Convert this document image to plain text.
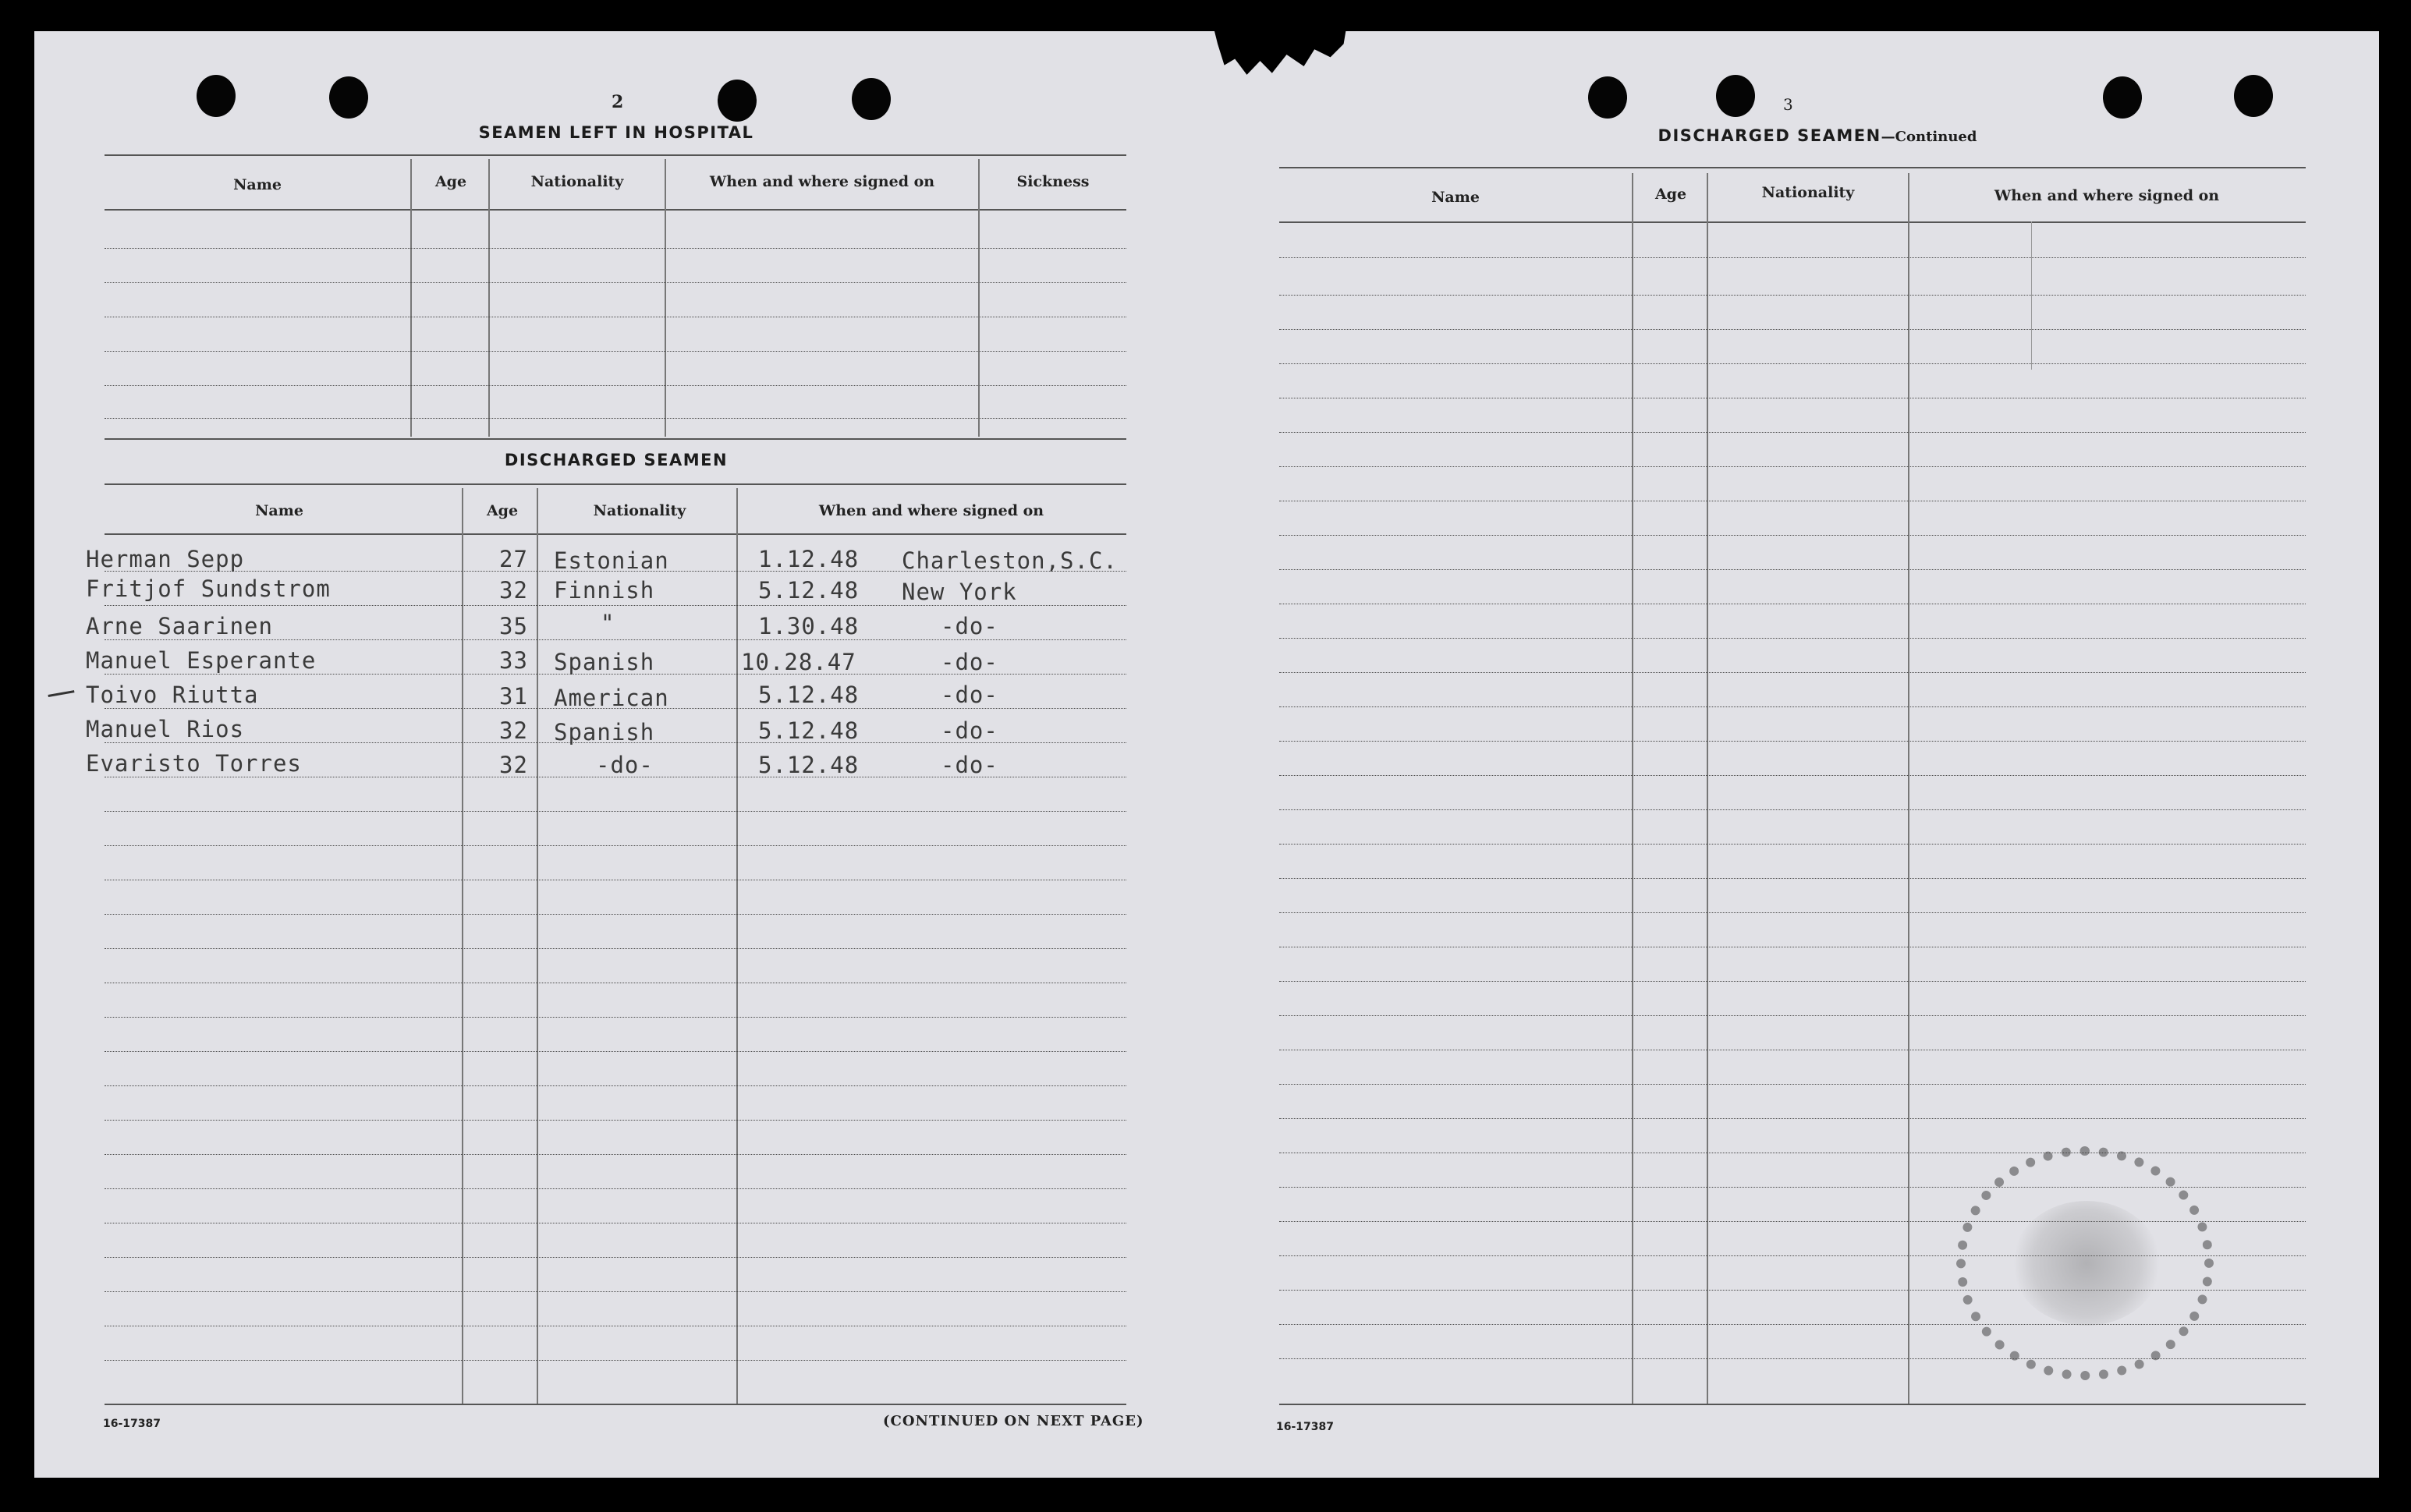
2
SEAMEN LEFT IN HOSPITAL
Name	Age	Nationality	When and where signed on	Sickness
DISCHARGED SEAMEN
Name	Age	Nationality	When and where signed on
Herman Sepp	27 Estonian	1.12.48 Charleston,S.C.
Fritjof Sundstrom	32 Finnish	5.12.48 New York
Arne Saarinen	35	"	1.30.48	-do-
Manuel Esperante	33 Spanish	10.28.47	-do-
Toivo Riutta	31 American	5.12.48	-do-
Manuel Rios	32 Spanish	5.12.48	-do-
Evaristo Torres	32	-do-	5.12.48	-do-
16-17387	(CONTINUED ON NEXT PAGE)
3
DISCHARGED SEAMEN—Continued
Name	Age	Nationality	When and where signed on
16-17387
